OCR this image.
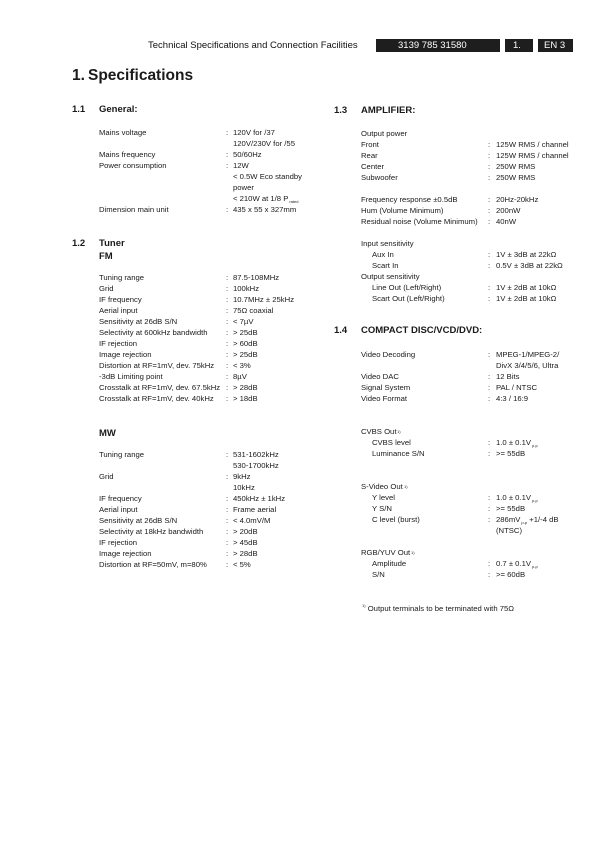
Technical Specifications and Connection Facilities	3139 785 31580	1.	EN 3
1. Specifications
1.1 General:
Mains voltage	: 120V for /37
120V/230V for /55
Mains frequency	: 50/60Hz
Power consumption	: 12W
< 0.5W Eco standby
power
< 210W at 1/8 $P_{rated}$
Dimension main unit	: 435 x 55 x 327mm
1.2 Tuner
FM
Tuning range	: 87.5-108MHz
Grid	: 100kHz
IF frequency	: 10.7MHz ± 25kHz
Aerial input	: 75Ω coaxial
Sensitivity at 26dB S/N	: < 7µV
Selectivity at 600kHz bandwidth : > 25dB
IF rejection	: > 60dB
Image rejection	: > 25dB
Distortion at RF=1mV, dev. 75kHz : < 3%
-3dB Limiting point	: 8µV
Crosstalk at RF=1mV, dev. 67.5kHz : > 28dB
Crosstalk at RF=1mV, dev. 40kHz : > 18dB
MW
Tuning range	: 531-1602kHz
530-1700kHz
Grid	: 9kHz
10kHz
IF frequency	: 450kHz ± 1kHz
Aerial input	: Frame aerial
Sensitivity at 26dB S/N	: < 4.0mV/M
Selectivity at 18kHz bandwidth	: > 20dB
IF rejection	: > 45dB
Image rejection	: > 28dB
Distortion at RF=50mV, m=80% : < 5%
1.3 AMPLIFIER:
Output power
Front	: 125W RMS / channel
Rear	: 125W RMS / channel
Center	: 250W RMS
Subwoofer	: 250W RMS
Frequency response ±0.5dB	: 20Hz-20kHz
Hum (Volume Minimum)	: 200nW
Residual noise (Volume Minimum) : 40nW
Input sensitivity
Aux In	: 1V ± 3dB at 22kΩ
Scart In	: 0.5V ± 3dB at 22kΩ
Output sensitivity
Line Out (Left/Right)	: 1V ± 2dB at 10kΩ
Scart Out (Left/Right)	: 1V ± 2dB at 10kΩ
1.4 COMPACT DISC/VCD/DVD:
Video Decoding	: MPEG-1/MPEG-2/
DivX 3/4/5/6, Ultra
Video DAC	: 12 Bits
Signal System	: PAL / NTSC
Video Format	: 4:3 / 16:9
CVBS Out 1)
CVBS level	: $1.0 \pm 0.1V_{p-p}$
Luminance S/N	: >= 55dB
S-Video Out 1)
Y level	: $1.0 \pm 0.1V_{p-p}$
Y S/N	: >= 55dB
C level (burst)	: $286mV_{p-p} +1/-4$ dB
(NTSC)
RGB/YUV Out 1)
Amplitude	: $0.7 \pm 0.1V_{p-p}$
S/N	: >= 60dB
$^{1)}$ Output terminals to be terminated with 75Ω
